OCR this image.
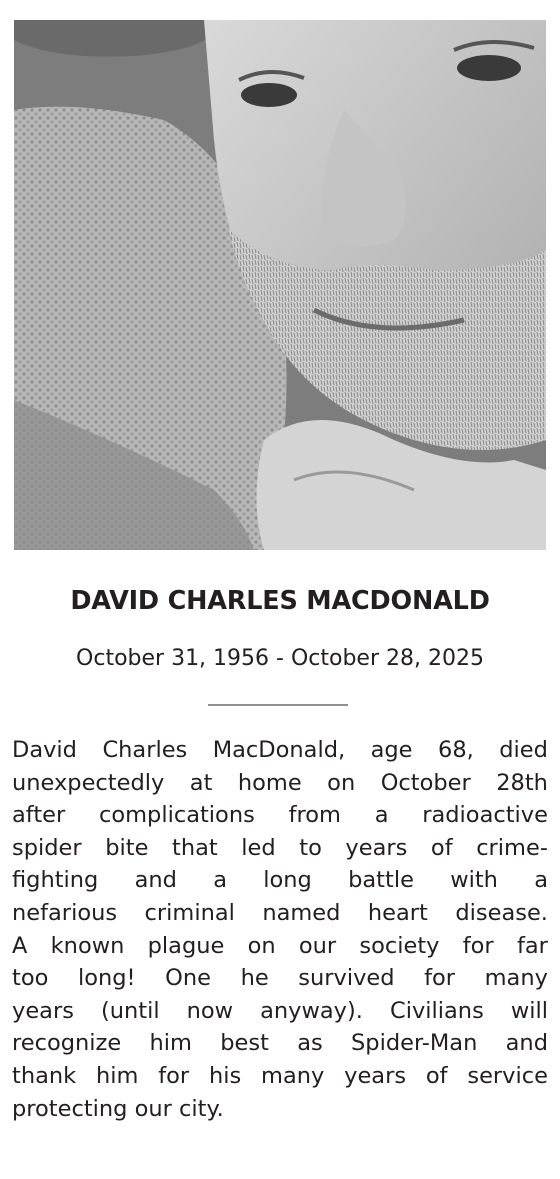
DAVID CHARLES MACDONALD
October 31, 1956 - October 28, 2025
David Charles MacDonald, age 68, died
unexpectedly at home on October 28th
after complications from a radioactive
spider bite that led to years of crime-
fighting and a long battle with a
nefarious criminal named heart disease.
A known plague on our society for far
too long! One he survived for many
years (until now anyway). Civilians will
recognize him best as Spider-Man and
thank him for his many years of service
protecting our city.
